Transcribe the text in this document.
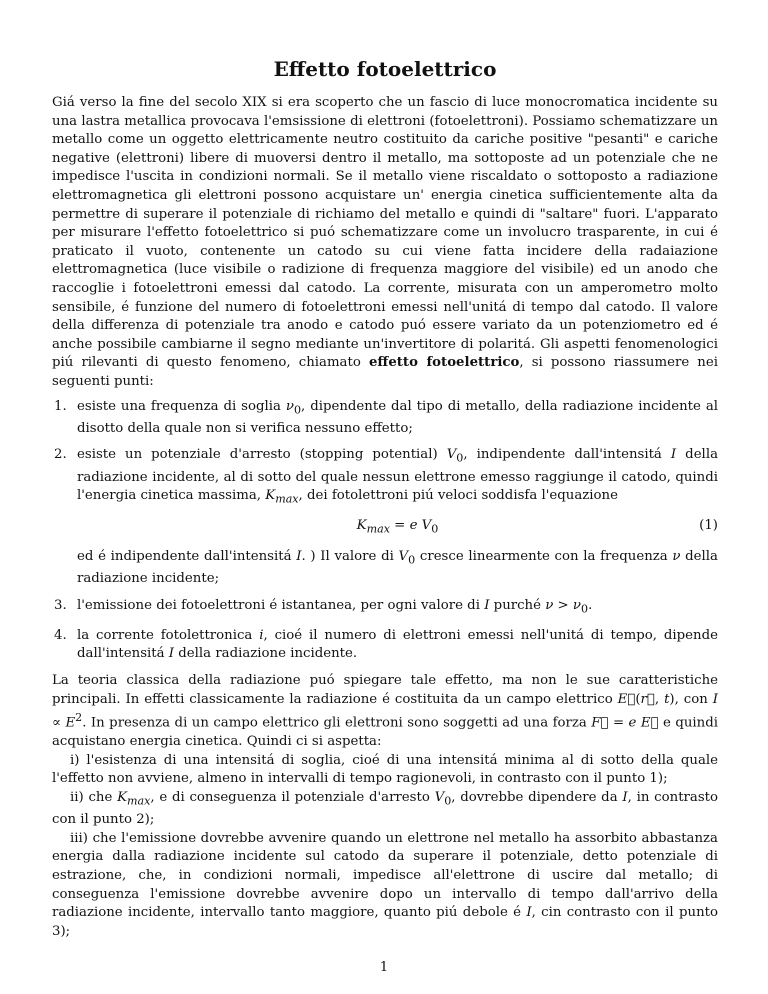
Effetto fotoelettrico

Giá verso la fine del secolo XIX si era scoperto che un fascio di luce monocromatica incidente su una lastra metallica provocava l'emsissione di elettroni (fotoelettroni). Possiamo schematizzare un metallo come un oggetto elettricamente neutro costituito da cariche positive "pesanti" e cariche negative (elettroni) libere di muoversi dentro il metallo, ma sottoposte ad un potenziale che ne impedisce l'uscita in condizioni normali. Se il metallo viene riscaldato o sottoposto a radiazione elettromagnetica gli elettroni possono acquistare un' energia cinetica sufficientemente alta da permettre di superare il potenziale di richiamo del metallo e quindi di "saltare" fuori. L'apparato per misurare l'effetto fotoelettrico si puó schematizzare come un involucro trasparente, in cui é praticato il vuoto, contenente un catodo su cui viene fatta incidere della radaiazione elettromagnetica (luce visibile o radizione di frequenza maggiore del visibile) ed un anodo che raccoglie i fotoelettroni emessi dal catodo. La corrente, misurata con un amperometro molto sensibile, é funzione del numero di fotoelettroni emessi nell'unitá di tempo dal catodo. Il valore della differenza di potenziale tra anodo e catodo puó essere variato da un potenziometro ed é anche possibile cambiarne il segno mediante un'invertitore di polaritá. Gli aspetti fenomenologici piú rilevanti di questo fenomeno, chiamato effetto fotoelettrico, si possono riassumere nei seguenti punti:

1. esiste una frequenza di soglia $\nu_0$, dipendente dal tipo di metallo, della radiazione incidente al disotto della quale non si verifica nessuno effetto;
2. esiste un potenziale d'arresto (stopping potential) $V_0$, indipendente dall'intensitá I della radiazione incidente, al di sotto del quale nessun elettrone emesso raggiunge il catodo, quindi l'energia cinetica massima, $K_{max}$, dei fotolettroni piú veloci soddisfa l'equazione
$K_{max} = e$ $V_0$	(1)
ed é indipendente dall'intensitá I. ) Il valore di $V_0$ cresce linearmente con la frequenza ν della radiazione incidente;
3. l'emissione dei fotoelettroni é istantanea, per ogni valore di I purché $\nu > \nu_0$.
4. la corrente fotolettronica i, cioé il numero di elettroni emessi nell'unitá di tempo, dipende dall'intensitá I della radiazione incidente.

La teoria classica della radiazione puó spiegare tale effetto, ma non le sue caratteristiche principali. In effetti classicamente la radiazione é costituita da un campo elettrico E⃗(r⃗, t), con $I \propto E^2$. In presenza di un campo elettrico gli elettroni sono soggetti ad una forza F⃗ = e E⃗ e quindi acquistano energia cinetica. Quindi ci si aspetta:

i) l'esistenza di una intensitá di soglia, cioé di una intensitá minima al di sotto della quale l'effetto non avviene, almeno in intervalli di tempo ragionevoli, in contrasto con il punto 1);

ii) che $K_{max}$, e di conseguenza il potenziale d'arresto $V_0$, dovrebbe dipendere da I, in contrasto con il punto 2);

iii) che l'emissione dovrebbe avvenire quando un elettrone nel metallo ha assorbito abbastanza energia dalla radiazione incidente sul catodo da superare il potenziale, detto potenziale di estrazione, che, in condizioni normali, impedisce all'elettrone di uscire dal metallo; di conseguenza l'emissione dovrebbe avvenire dopo un intervallo di tempo dall'arrivo della radiazione incidente, intervallo tanto maggiore, quanto piú debole é I, cin contrasto con il punto 3);

1
